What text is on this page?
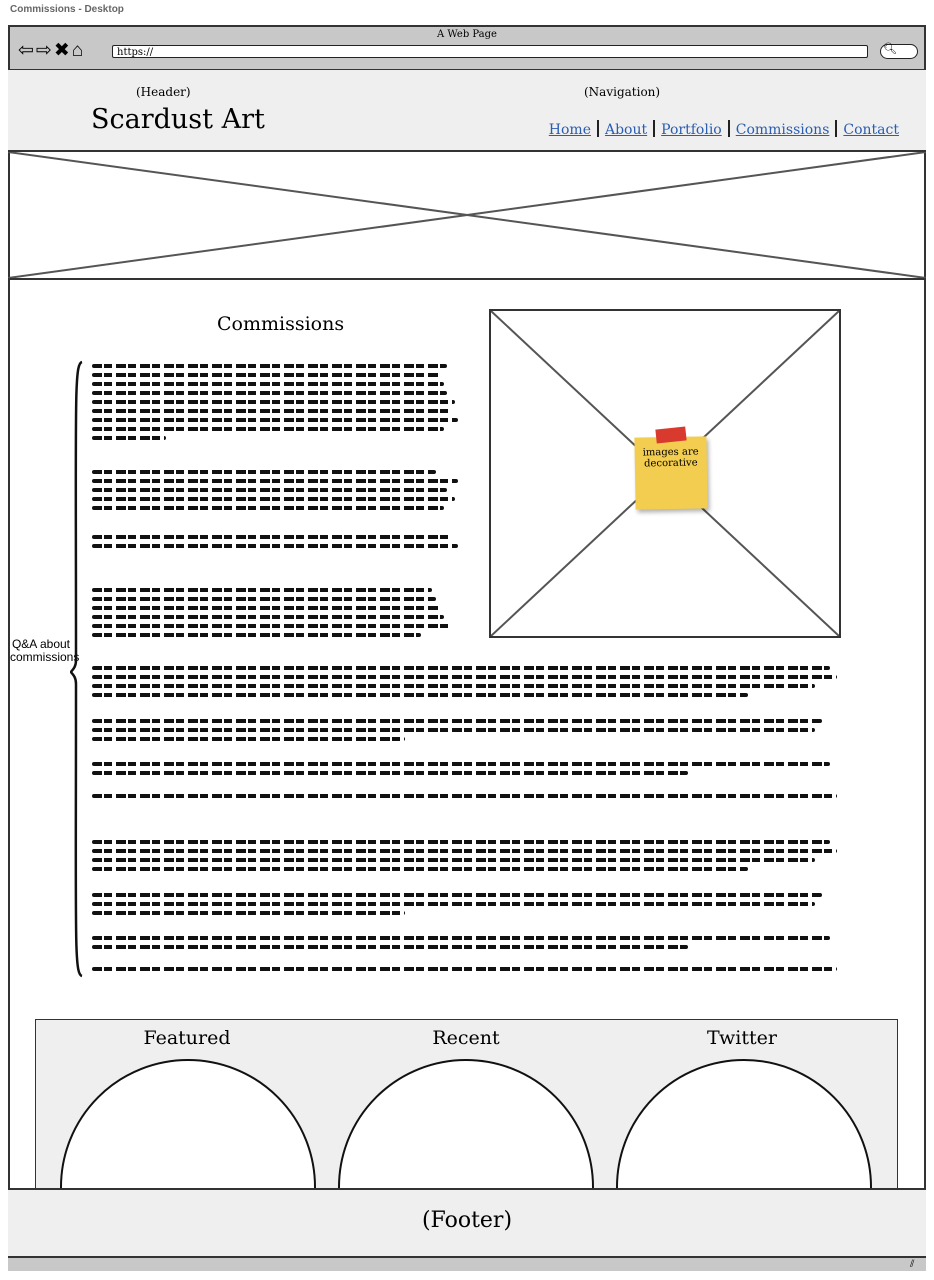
Commissions - Desktop
A Web Page
⇦⇨✖⌂	https://	🔍︎
(Header)
Scardust Art
(Navigation)
Home About Portfolio Commissions Contact
Commissions
images are decorative
Q&A about commissions
Featured	Recent	Twitter
(Footer)
⫽
